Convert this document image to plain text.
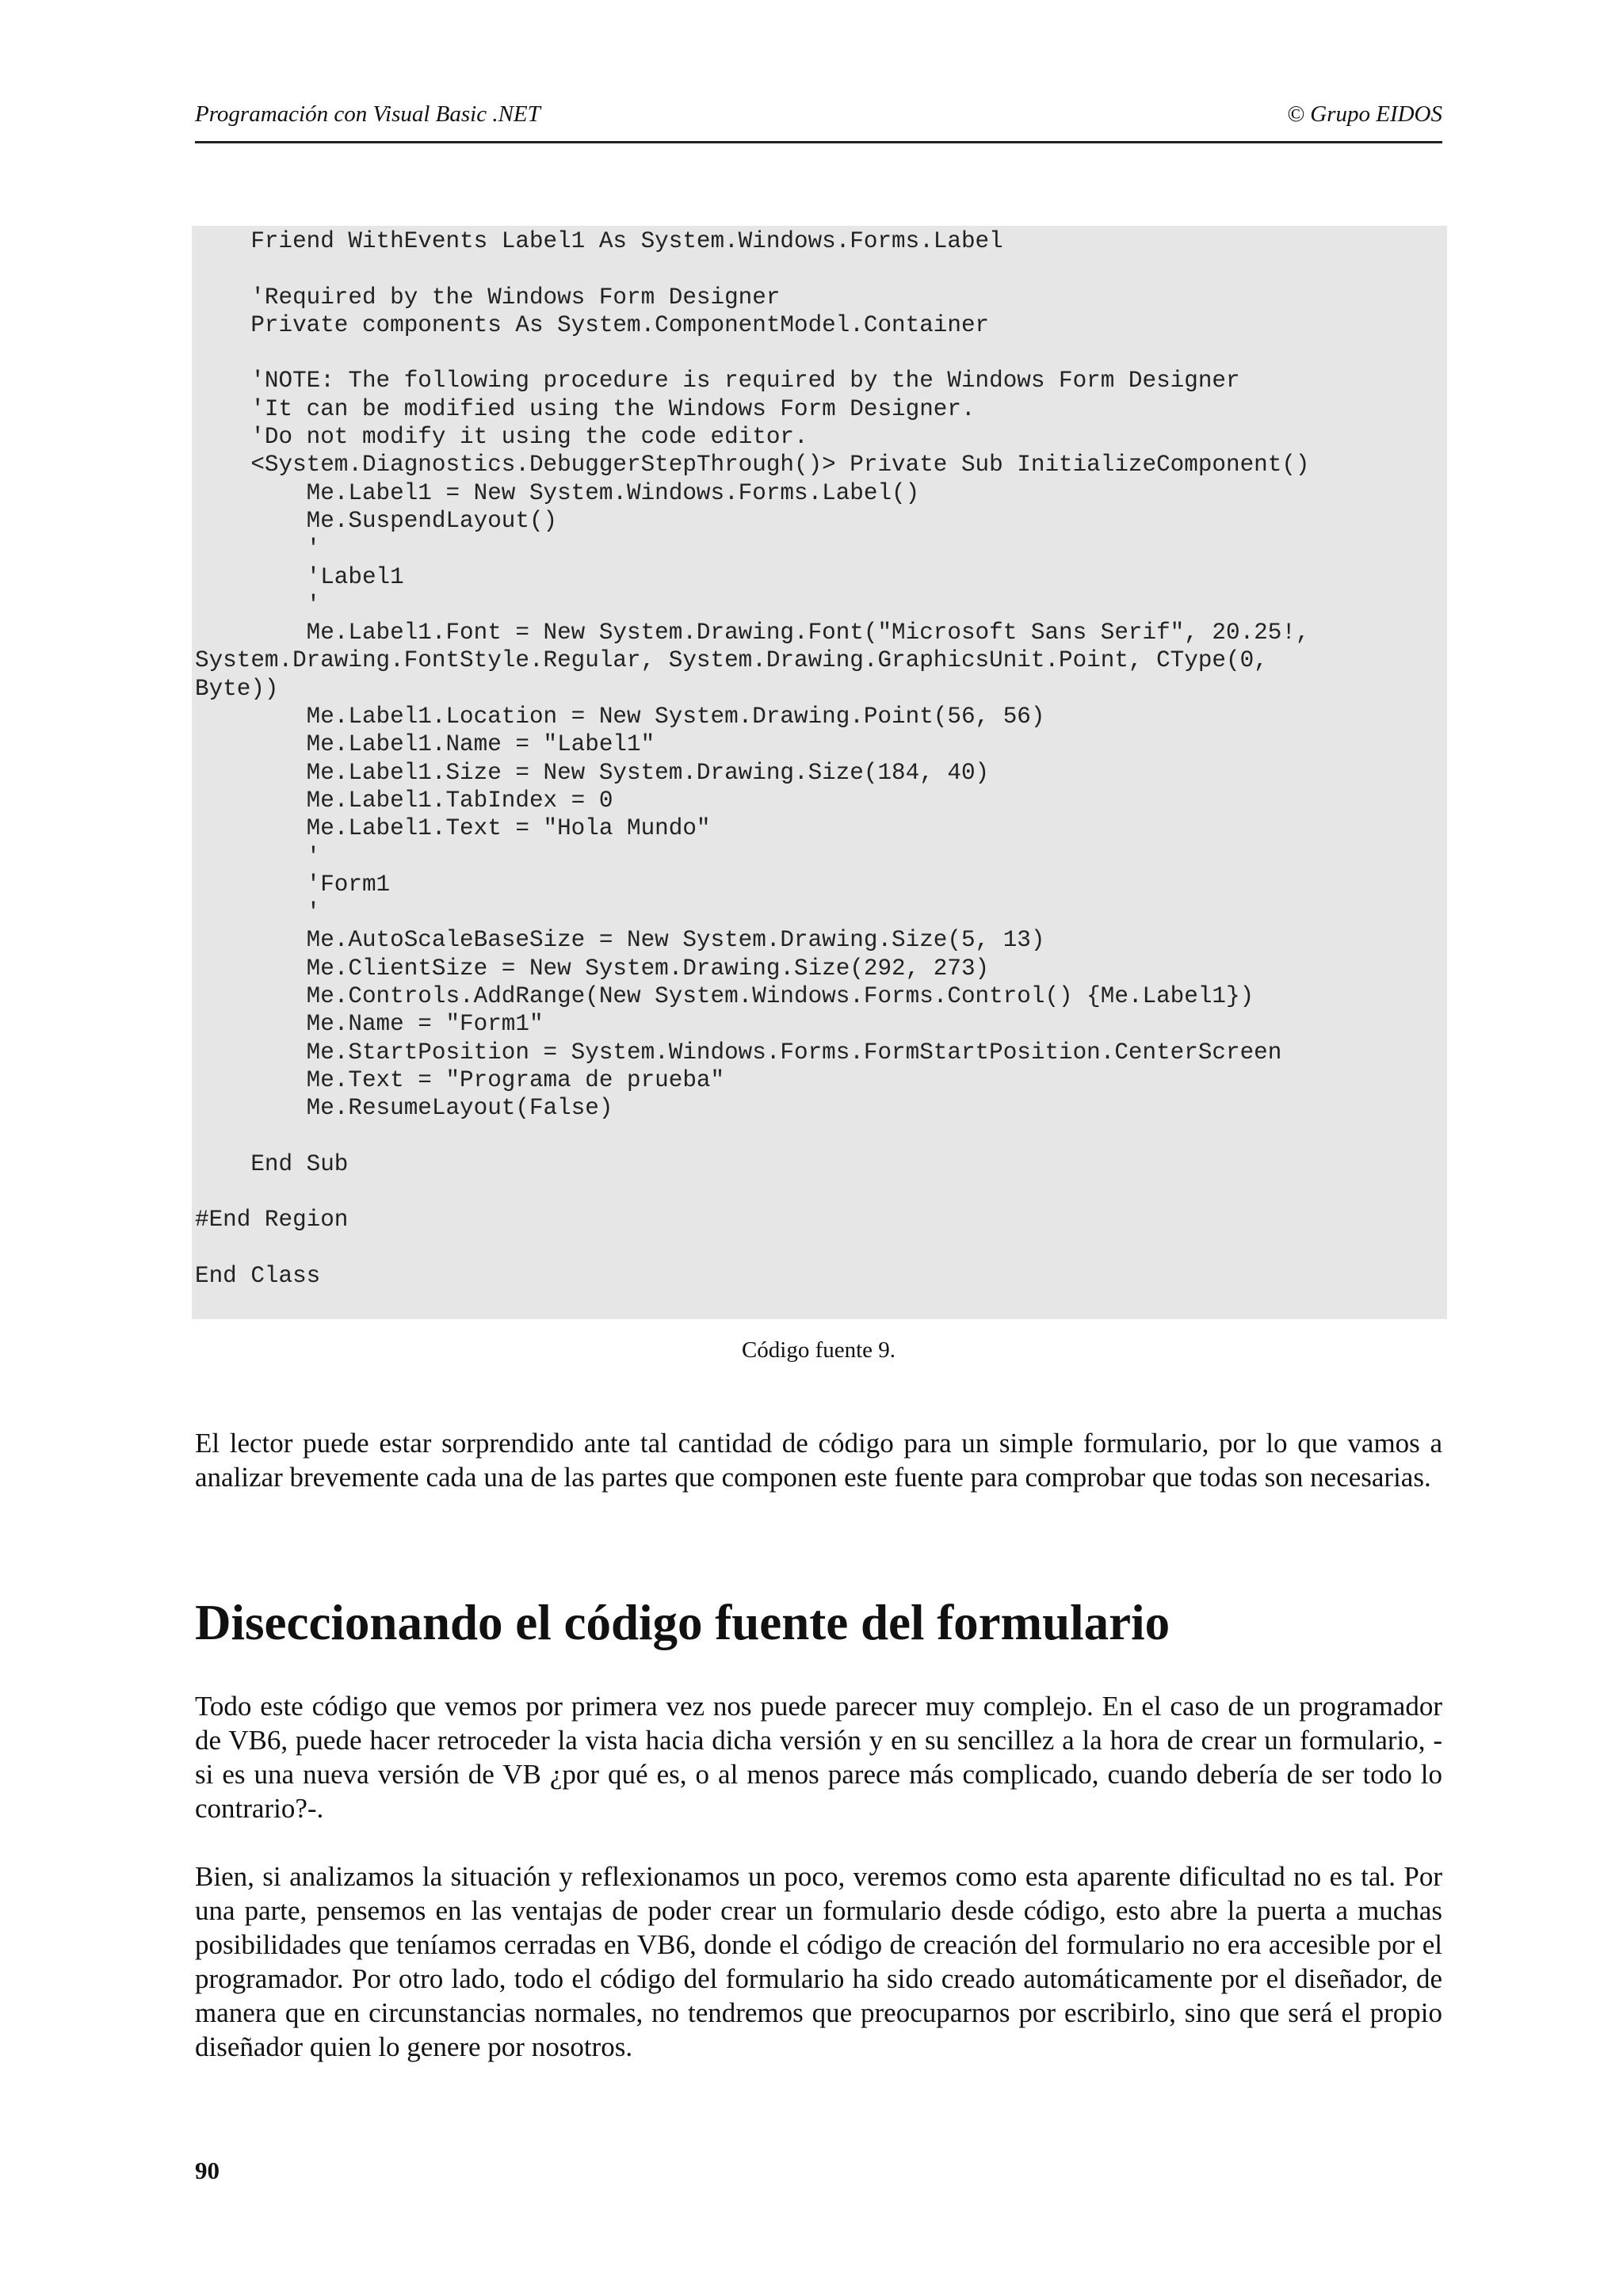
Programación con Visual Basic .NET	© Grupo EIDOS
Friend WithEvents Label1 As System.Windows.Forms.Label
'Required by the Windows Form Designer
Private components As System.ComponentModel.Container
'NOTE: The following procedure is required by the Windows Form Designer
'It can be modified using the Windows Form Designer.
'Do not modify it using the code editor.
<System.Diagnostics.DebuggerStepThrough()> Private Sub InitializeComponent()
Me.Label1 = New System.Windows.Forms.Label()
Me.SuspendLayout()
'
'Label1
'
Me.Label1.Font = New System.Drawing.Font("Microsoft Sans Serif", 20.25!,
System.Drawing.FontStyle.Regular, System.Drawing.GraphicsUnit.Point, CType(0,
Byte))
Me.Label1.Location = New System.Drawing.Point(56, 56)
Me.Label1.Name = "Label1"
Me.Label1.Size = New System.Drawing.Size(184, 40)
Me.Label1.TabIndex = 0
Me.Label1.Text = "Hola Mundo"
'
'Form1
'
Me.AutoScaleBaseSize = New System.Drawing.Size(5, 13)
Me.ClientSize = New System.Drawing.Size(292, 273)
Me.Controls.AddRange(New System.Windows.Forms.Control() {Me.Label1})
Me.Name = "Form1"
Me.StartPosition = System.Windows.Forms.FormStartPosition.CenterScreen
Me.Text = "Programa de prueba"
Me.ResumeLayout(False)
End Sub
#End Region
End Class
Código fuente 9.

El lector puede estar sorprendido ante tal cantidad de código para un simple formulario, por lo que vamos a analizar brevemente cada una de las partes que componen este fuente para comprobar que todas son necesarias.

Diseccionando el código fuente del formulario

Todo este código que vemos por primera vez nos puede parecer muy complejo. En el caso de un programador de VB6, puede hacer retroceder la vista hacia dicha versión y en su sencillez a la hora de crear un formulario, -si es una nueva versión de VB ¿por qué es, o al menos parece más complicado, cuando debería de ser todo lo contrario?-.

Bien, si analizamos la situación y reflexionamos un poco, veremos como esta aparente dificultad no es tal. Por una parte, pensemos en las ventajas de poder crear un formulario desde código, esto abre la puerta a muchas posibilidades que teníamos cerradas en VB6, donde el código de creación del formulario no era accesible por el programador. Por otro lado, todo el código del formulario ha sido creado automáticamente por el diseñador, de manera que en circunstancias normales, no tendremos que preocuparnos por escribirlo, sino que será el propio diseñador quien lo genere por nosotros.

90
